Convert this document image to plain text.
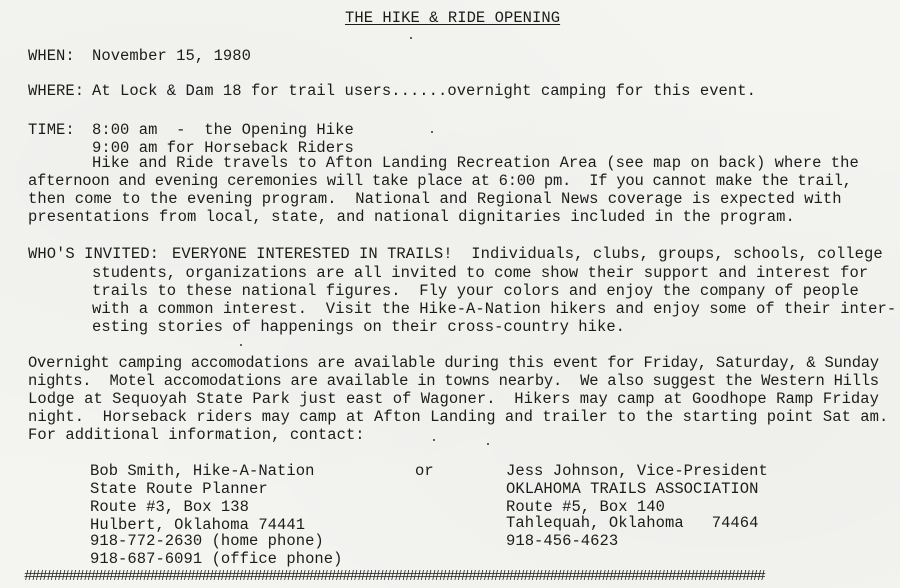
THE HIKE & RIDE OPENING
WHEN: November 15, 1980
WHERE: At Lock & Dam 18 for trail users......overnight camping for this event.
TIME: 8:00 am  -  the Opening Hike
9:00 am for Horseback Riders
Hike and Ride travels to Afton Landing Recreation Area (see map on back) where the
afternoon and evening ceremonies will take place at 6:00 pm.  If you cannot make the trail,
then come to the evening program.  National and Regional News coverage is expected with
presentations from local, state, and national dignitaries included in the program.
WHO'S INVITED: EVERYONE INTERESTED IN TRAILS!  Individuals, clubs, groups, schools, college
students, organizations are all invited to come show their support and interest for
trails to these national figures.  Fly your colors and enjoy the company of people
with a common interest.  Visit the Hike-A-Nation hikers and enjoy some of their inter-
esting stories of happenings on their cross-country hike.
Overnight camping accomodations are available during this event for Friday, Saturday, & Sunday
nights.  Motel accomodations are available in towns nearby.  We also suggest the Western Hills
Lodge at Sequoyah State Park just east of Wagoner.  Hikers may camp at Goodhope Ramp Friday
night.  Horseback riders may camp at Afton Landing and trailer to the starting point Sat am.
For additional information, contact:
Bob Smith, Hike-A-Nation
State Route Planner
Route #3, Box 138
Hulbert, Oklahoma 74441
918-772-2630 (home phone)
918-687-6091 (office phone)
or	Jess Johnson, Vice-President
OKLAHOMA TRAILS ASSOCIATION
Route #5, Box 140
Tahlequah, Oklahoma   74464
918-456-4623
####################################################################################################
